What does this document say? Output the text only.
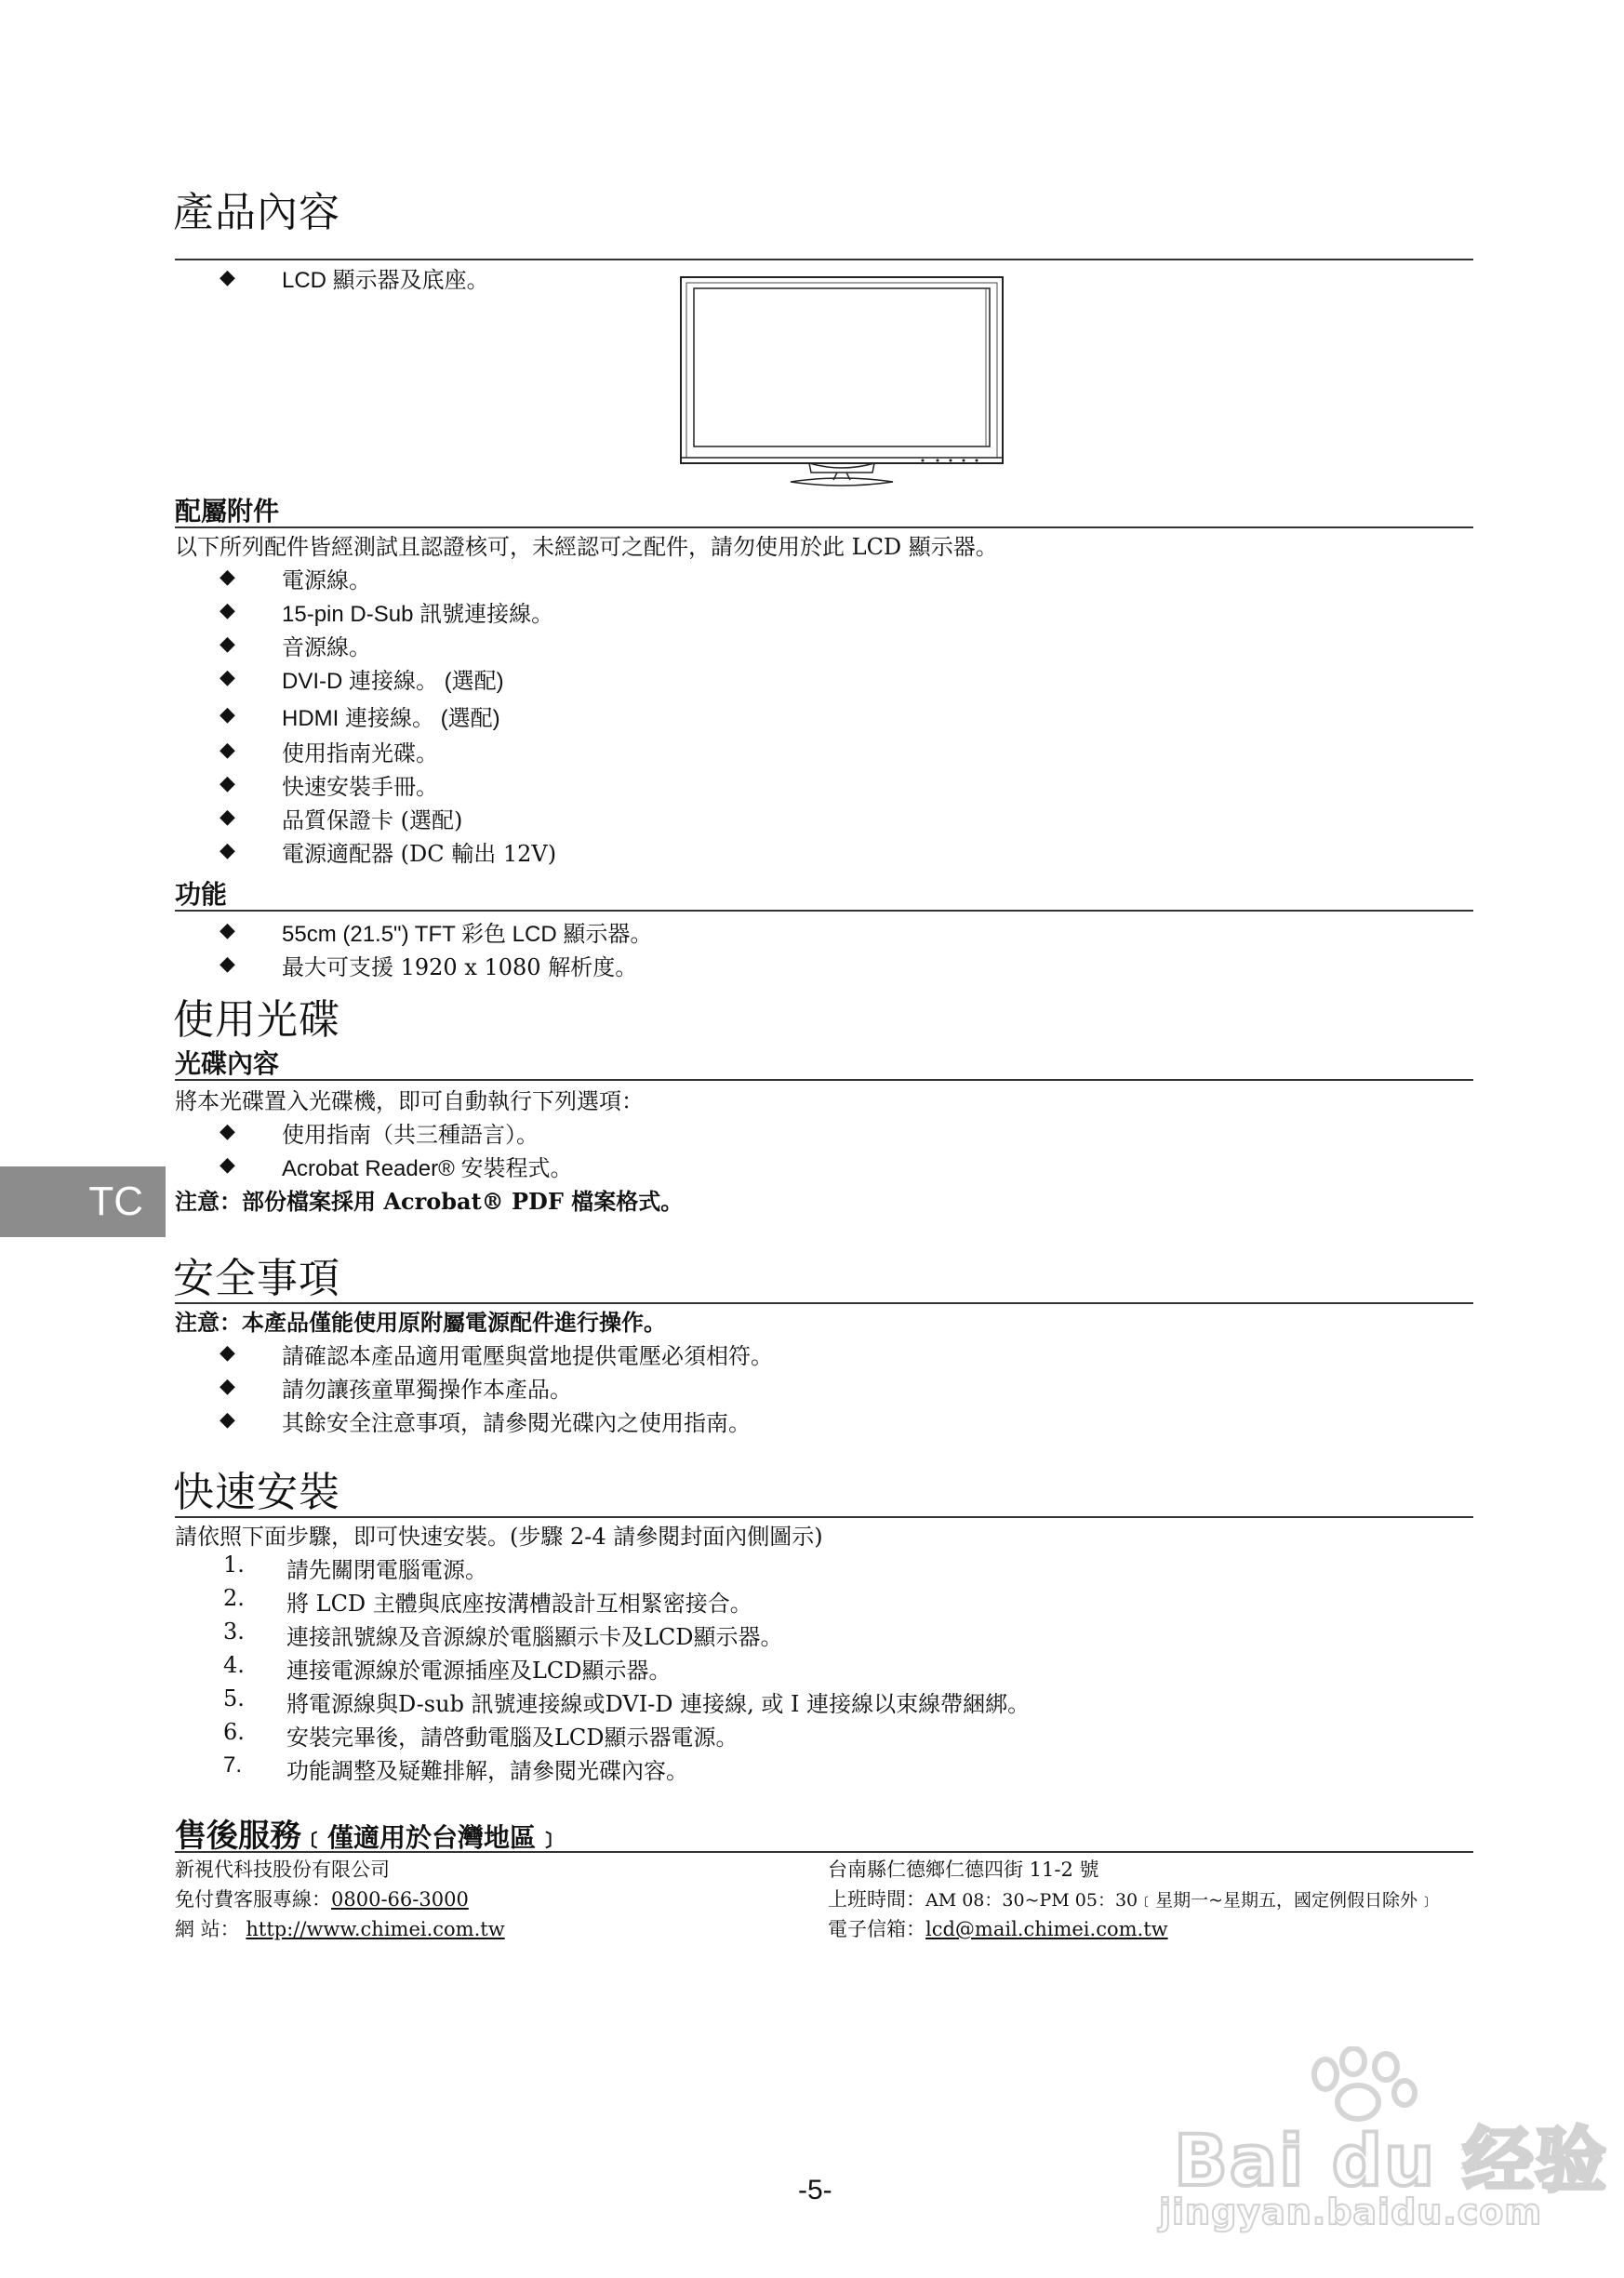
產品內容
◆ LCD 顯示器及底座。
配屬附件
以下所列配件皆經測試且認證核可，未經認可之配件，請勿使用於此 LCD 顯示器。
◆ 電源線。
◆ 15-pin D-Sub 訊號連接線。
◆ 音源線。
◆ DVI-D 連接線。 (選配)
◆ HDMI 連接線。 (選配)
◆ 使用指南光碟。
◆ 快速安裝手冊。
◆ 品質保證卡 (選配)
◆ 電源適配器 (DC 輸出 12V)
功能
◆ 55cm (21.5") TFT 彩色 LCD 顯示器。
◆ 最大可支援 1920 x 1080 解析度。
使用光碟
光碟內容
將本光碟置入光碟機，即可自動執行下列選項：
◆ 使用指南（共三種語言）。
◆ Acrobat Reader® 安裝程式。
注意：部份檔案採用 Acrobat® PDF 檔案格式。
TC
安全事項
注意：本產品僅能使用原附屬電源配件進行操作。
◆ 請確認本產品適用電壓與當地提供電壓必須相符。
◆ 請勿讓孩童單獨操作本產品。
◆ 其餘安全注意事項，請參閱光碟內之使用指南。
快速安裝
請依照下面步驟，即可快速安裝。(步驟 2-4 請參閱封面內側圖示)
1. 請先關閉電腦電源。
2. 將 LCD 主體與底座按溝槽設計互相緊密接合。
3. 連接訊號線及音源線於電腦顯示卡及LCD顯示器。
4. 連接電源線於電源插座及LCD顯示器。
5. 將電源線與D-sub 訊號連接線或DVI-D 連接線, 或 I 連接線以束線帶綑綁。
6. 安裝完畢後，請啓動電腦及LCD顯示器電源。
7. 功能調整及疑難排解，請參閱光碟內容。
售後服務﹝僅適用於台灣地區﹞
新視代科技股份有限公司
免付費客服專線：0800-66-3000
網 站： http://www.chimei.com.tw
台南縣仁德鄉仁德四街 11-2 號
上班時間：AM 08：30~PM 05：30﹝星期一~星期五，國定例假日除外﹞
電子信箱：lcd@mail.chimei.com.tw
Bai du 经验
jingyan.baidu.com
-5-
